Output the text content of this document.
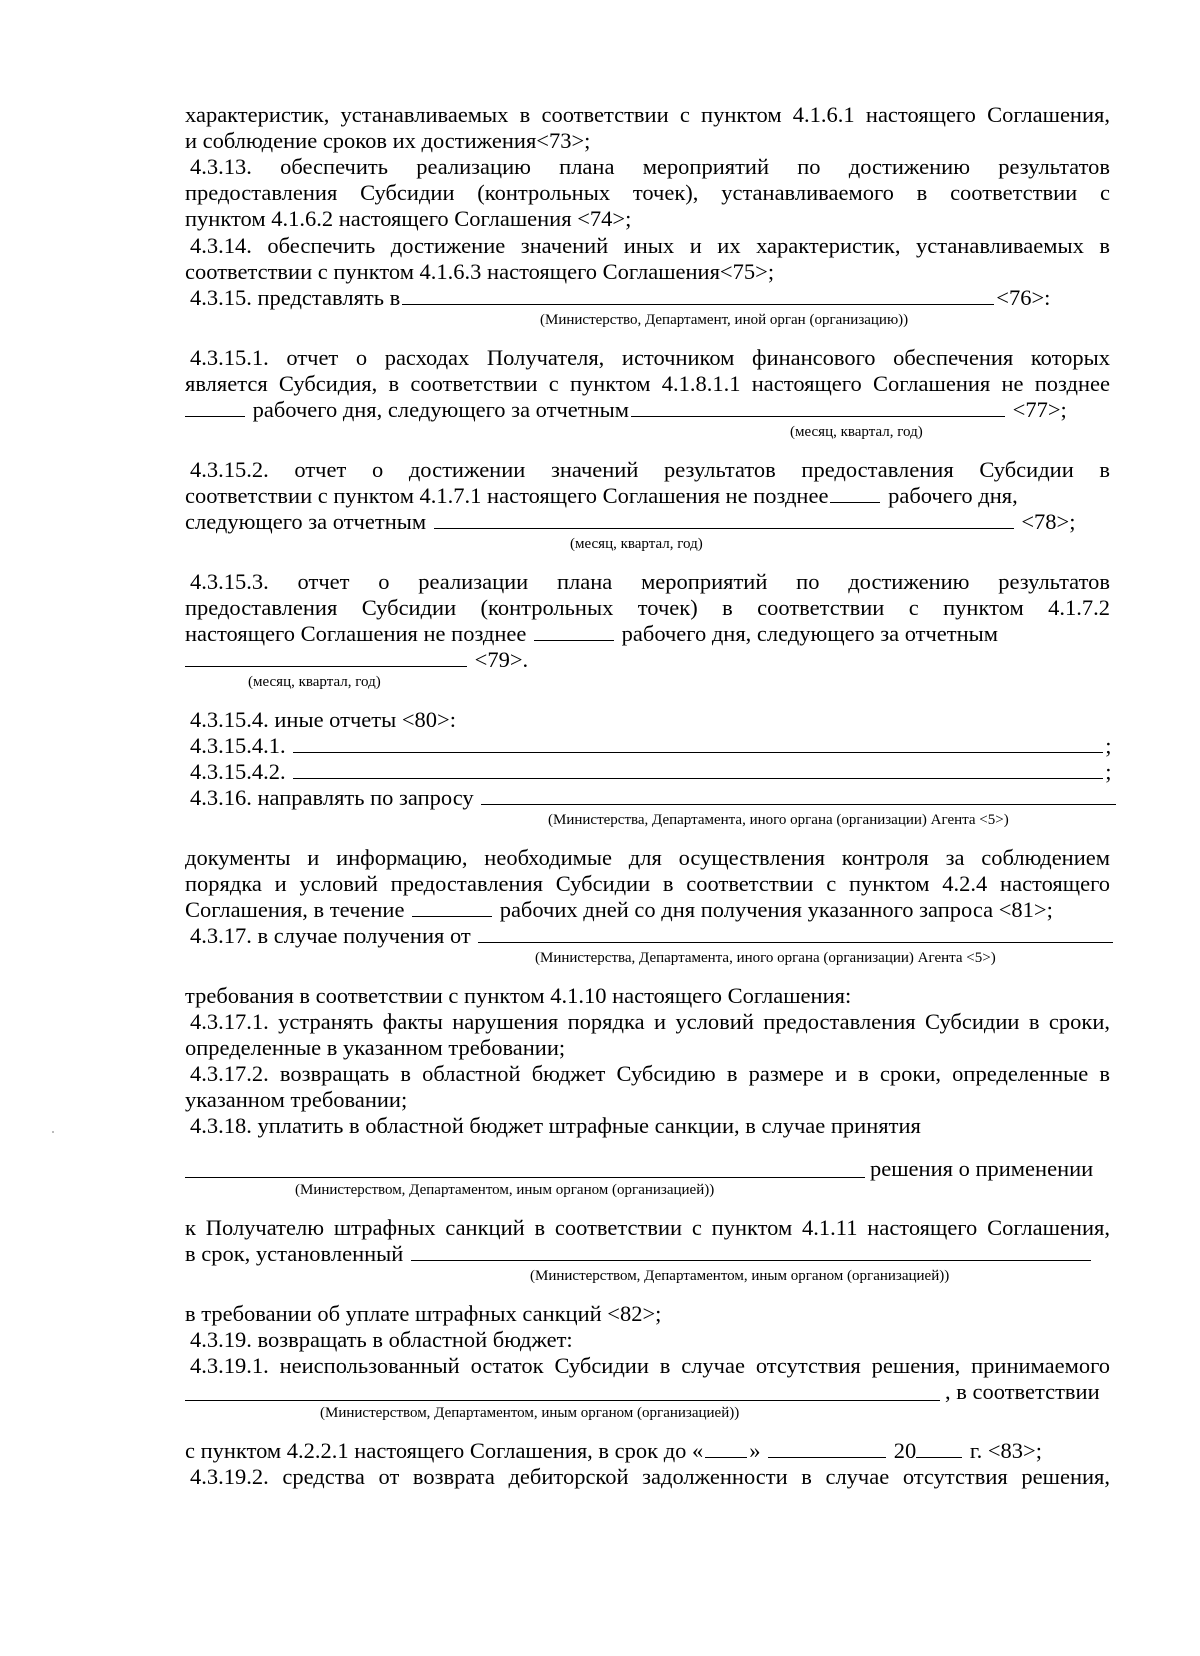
характеристик, устанавливаемых в соответствии с пунктом 4.1.6.1 настоящего Соглашения,
и соблюдение сроков их достижения<73>;
4.3.13. обеспечить реализацию плана мероприятий по достижению результатов
предоставления Субсидии (контрольных точек), устанавливаемого в соответствии с
пунктом 4.1.6.2 настоящего Соглашения <74>;
4.3.14. обеспечить достижение значений иных и их характеристик, устанавливаемых в
соответствии с пунктом 4.1.6.3 настоящего Соглашения<75>;
4.3.15. представлять в	<76>:
(Министерство, Департамент, иной орган (организацию))
4.3.15.1. отчет о расходах Получателя, источником финансового обеспечения которых
является Субсидия, в соответствии с пунктом 4.1.8.1.1 настоящего Соглашения не позднее
рабочего дня, следующего за отчетным	<77>;
(месяц, квартал, год)
4.3.15.2. отчет о достижении значений результатов предоставления Субсидии в
соответствии с пунктом 4.1.7.1 настоящего Соглашения не позднее	рабочего дня,
следующего за отчетным	<78>;
(месяц, квартал, год)
4.3.15.3. отчет о реализации плана мероприятий по достижению результатов
предоставления Субсидии (контрольных точек) в соответствии с пунктом 4.1.7.2
настоящего Соглашения не позднее	рабочего дня, следующего за отчетным
<79>.
(месяц, квартал, год)
4.3.15.4. иные отчеты <80>:
4.3.15.4.1.	;
4.3.15.4.2.	;
4.3.16. направлять по запросу
(Министерства, Департамента, иного органа (организации) Агента <5>)
документы и информацию, необходимые для осуществления контроля за соблюдением
порядка и условий предоставления Субсидии в соответствии с пунктом 4.2.4 настоящего
Соглашения, в течение	рабочих дней со дня получения указанного запроса <81>;
4.3.17. в случае получения от
(Министерства, Департамента, иного органа (организации) Агента <5>)
требования в соответствии с пунктом 4.1.10 настоящего Соглашения:
4.3.17.1. устранять факты нарушения порядка и условий предоставления Субсидии в сроки,
определенные в указанном требовании;
4.3.17.2. возвращать в областной бюджет Субсидию в размере и в сроки, определенные в
указанном требовании;
4.3.18. уплатить в областной бюджет штрафные санкции, в случае принятия
решения о применении
(Министерством, Департаментом, иным органом (организацией))
к Получателю штрафных санкций в соответствии с пунктом 4.1.11 настоящего Соглашения,
в срок, установленный
(Министерством, Департаментом, иным органом (организацией))
в требовании об уплате штрафных санкций <82>;
4.3.19. возвращать в областной бюджет:
4.3.19.1. неиспользованный остаток Субсидии в случае отсутствия решения, принимаемого
, в соответствии
(Министерством, Департаментом, иным органом (организацией))
с пунктом 4.2.2.1 настоящего Соглашения, в срок до « »	20 г. <83>;
4.3.19.2. средства от возврата дебиторской задолженности в случае отсутствия решения,
